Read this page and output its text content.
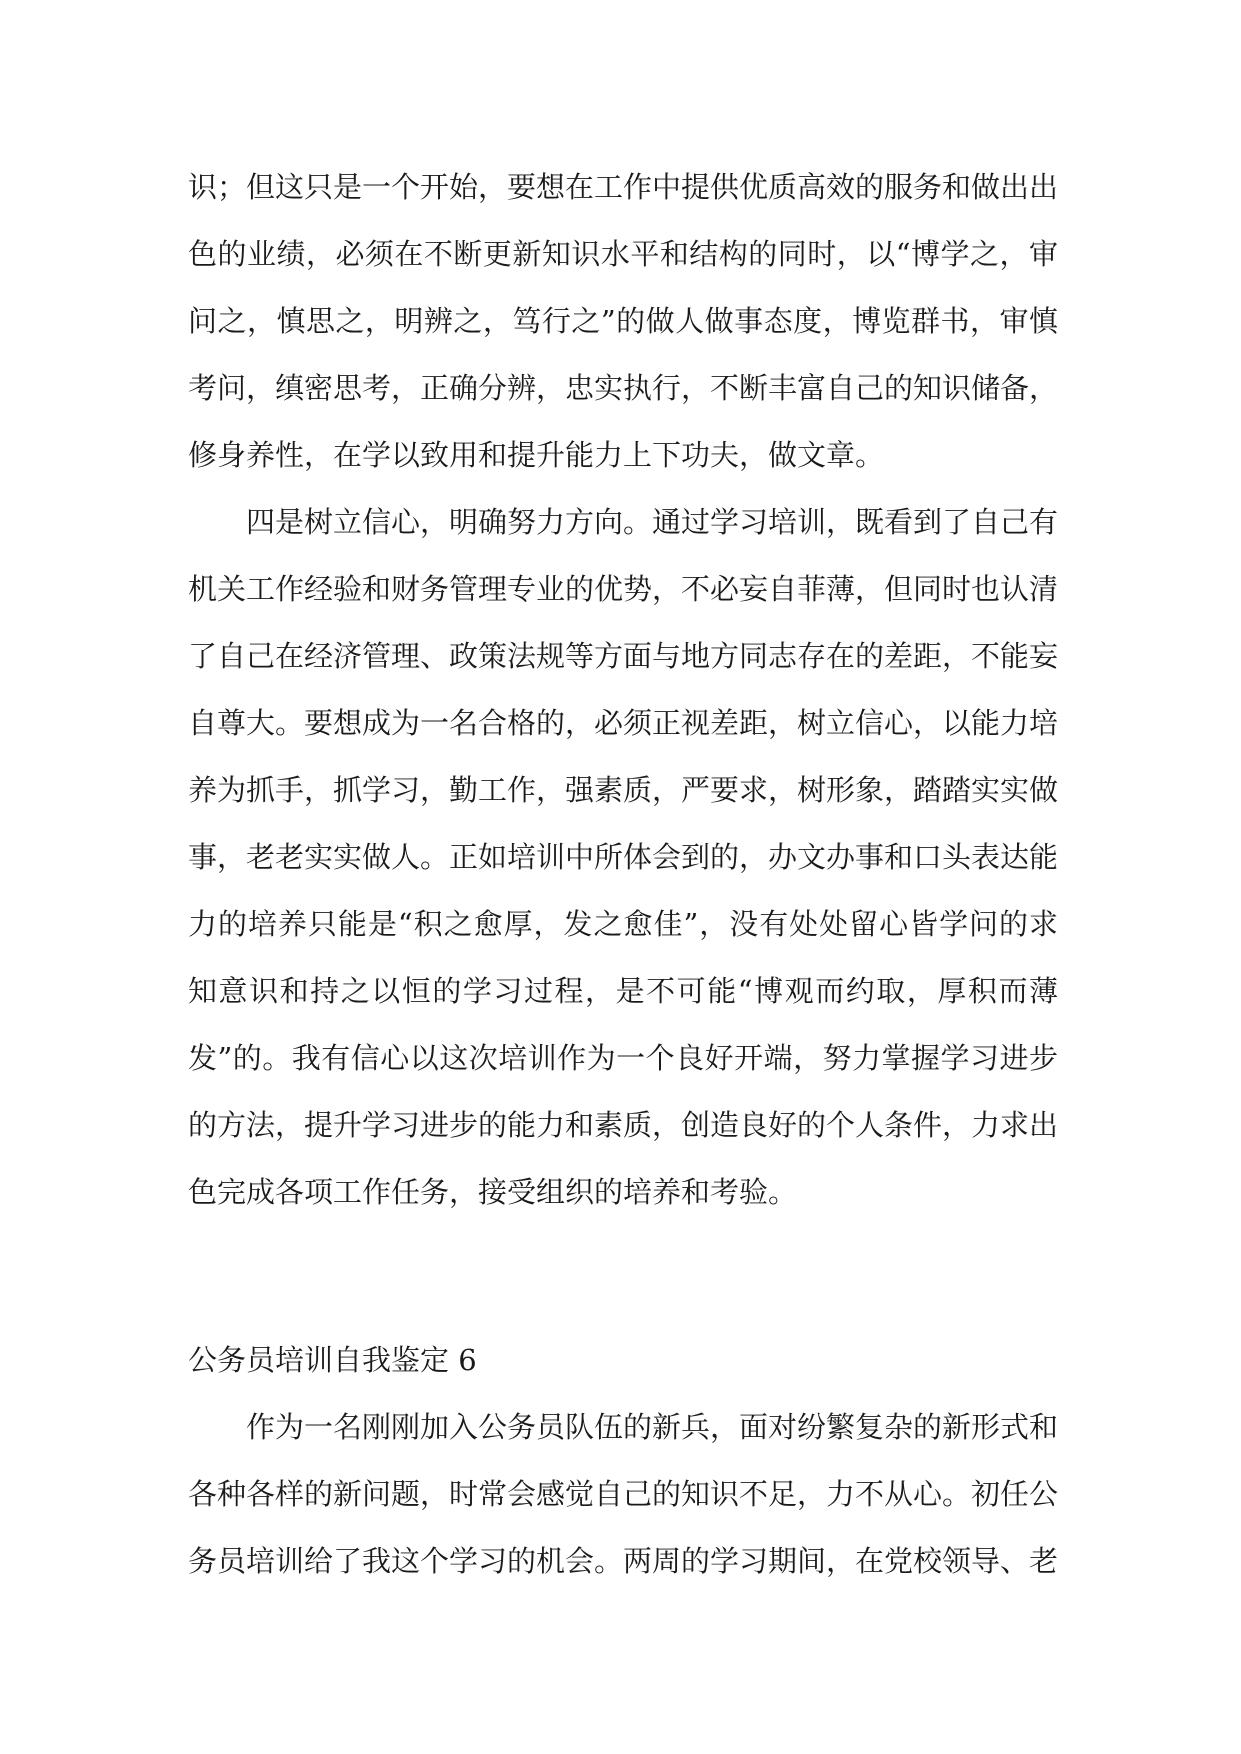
识；但这只是一个开始，要想在工作中提供优质高效的服务和做出出色的业绩，必须在不断更新知识水平和结构的同时，以“博学之，审问之，慎思之，明辨之，笃行之”的做人做事态度，博览群书，审慎考问，缜密思考，正确分辨，忠实执行，不断丰富自己的知识储备，修身养性，在学以致用和提升能力上下功夫，做文章。

四是树立信心，明确努力方向。通过学习培训，既看到了自己有机关工作经验和财务管理专业的优势，不必妄自菲薄，但同时也认清了自己在经济管理、政策法规等方面与地方同志存在的差距，不能妄自尊大。要想成为一名合格的，必须正视差距，树立信心，以能力培养为抓手，抓学习，勤工作，强素质，严要求，树形象，踏踏实实做事，老老实实做人。正如培训中所体会到的，办文办事和口头表达能力的培养只能是“积之愈厚，发之愈佳”，没有处处留心皆学问的求知意识和持之以恒的学习过程，是不可能“博观而约取，厚积而薄发”的。我有信心以这次培训作为一个良好开端，努力掌握学习进步的方法，提升学习进步的能力和素质，创造良好的个人条件，力求出色完成各项工作任务，接受组织的培养和考验。

公务员培训自我鉴定 6

作为一名刚刚加入公务员队伍的新兵，面对纷繁复杂的新形式和各种各样的新问题，时常会感觉自己的知识不足，力不从心。初任公务员培训给了我这个学习的机会。两周的学习期间，在党校领导、老
